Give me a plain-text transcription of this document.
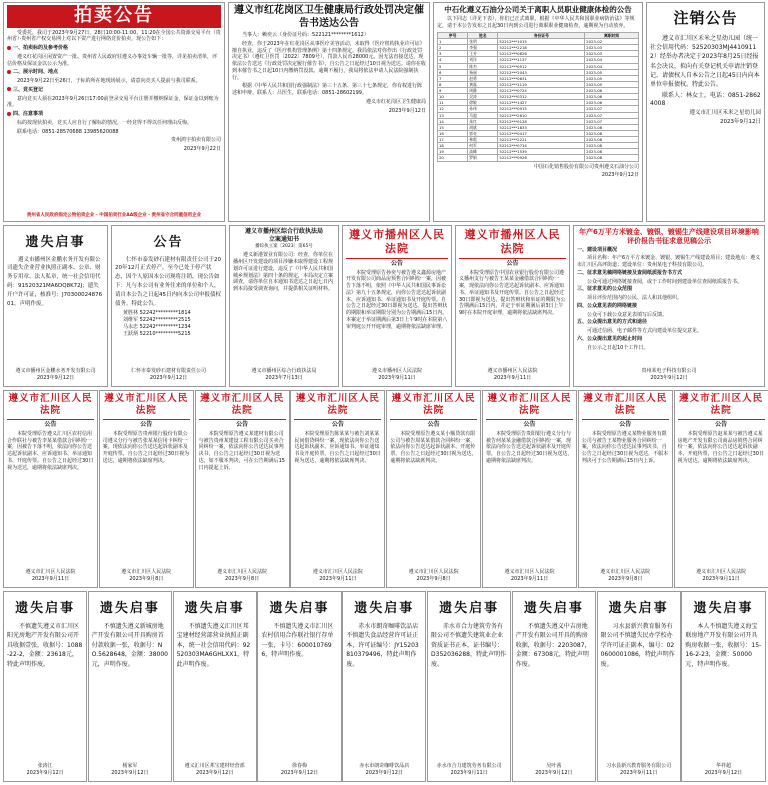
拍卖公告
受委托，我司于2023年9月27日、28日10:00-11:00、11:20在全国公共资源交易平台（贵州省）·贵州省产权交易网上对以下资产进行网络竞价拍卖，现公告如下：
一、拍卖标的及参考价格
遵义红花岗区闲置资产一批、贵州省人民政府驻遵义办事处车辆一批等，详见拍卖清单，评估价格及保证金以公示为准。
二、展示时间、地点
2023年9月22日至26日，于标的所在地现场展示，请意向竞买人提前与我司联系。
三、竞买登记
意向竞买人须在2023年9月26日17:00前登录交易平台注册并缴纳保证金，保证金以到账为准。
四、注意事项
标的按现状拍卖，竞买人应自行了解标的情况，一经竞得不得以任何理由反悔。
联系电话：0851-28570688 13985620088
贵州鸿宇拍卖有限公司
2023年9月22日
贵州省人民政府指定公物拍卖企业 · 中国拍卖行业AA级企业 · 贵州省守合同重信用企业
遵义市红花岗区卫生健康局行政处罚决定催告书送达公告
当事人：赖奕云（身份证号码：522121********1612）
经查，你于2023年在红花岗区从事医疗美容活动，未取得《医疗机构执业许可证》擅自执业，违反了《医疗机构管理条例》第十四条规定。我局依法对你作出《行政处罚决定书》（遵红卫医罚〔2022〕7809号），罚款人民币28000元。因无法直接送达，现依法公告送达《行政处罚决定履行催告书》，自公告之日起经过10日视为送达。请你在收到本催告书之日起10日内缴纳罚没款。逾期不履行，我局将依法申请人民法院强制执行。
根据《中华人民共和国行政强制法》第三十五条、第三十七条规定，你有权进行陈述和申辩。联系人：吕医生，联系电话：0851-28602199。
遵义市红花岗区卫生健康局
2023年9月12日
中石化遵义石油分公司关于离职人员职业健康体检的公告
以下同志（详见下表），你们已正式离职，根据《中华人民共和国职业病防治法》等规定，请于本公告发布之日起30日内到公司进行离职职业健康检查，逾期视为自动放弃。
序号	姓名	身份证号	离职时间
1	张明	52212***1015	2023-02
2	李强	52212***2218	2023-03
3	王芳	52212***0826	2023-03
4	刘洋	52212***1137	2023-04
5	陈杰	52212***0512	2023-04
6	杨丽	52212***2043	2023-05
7	赵勇	52212***0631	2023-05
8	黄磊	52212***1119	2023-05
9	周静	52212***0724	2023-06
10	吴涛	52212***0312	2023-06
11	徐敏	52212***1427	2023-06
12	孙伟	52212***0915	2023-07
13	马超	52212***2610	2023-07
14	朱红	52212***0128	2023-07
15	胡斌	52212***1833	2023-08
16	郭亮	52212***0417	2023-08
17	林霞	52212***2221	2023-08
18	何军	52212***0714	2023-08
19	高峰	52212***1539	2023-08
20	罗娟	52212***0926	2023-08
中国石化销售股份有限公司贵州遵义石油分公司
2023年9月12日
注销公告
遵义市汇川区禾米之星幼儿园（统一社会信用代码：52520303MJ44109112）经举办者决定于2023年8月25日经报名会决议，拟向有关登记机关申请注销登记。请债权人自本公告之日起45日内向本单位申报债权。特此公告。
联系人：林女士，电话：0851-28624008
遵义市汇川区禾米之星幼儿园
2023年9月12日
遗失启事
遵义市播州区金鹏水务开发有限公司遗失企业营业执照正副本、公章、财务专用章、法人私章，统一社会信用代码：91520321MA6DQ8K72J；遗失开户许可证，核准号：J7030002487601，声明作废。
遵义市播州区金鹏水务开发有限公司
2023年9月12日
公告
仁怀市泰发砂石建材有限责任公司于2020年12月正式停产，至今已处于停产状态，因个人原因本公司现将注销，现公告如下：凡与本公司有业务往来的单位和个人，请自本公告之日起45日内向本公司申报债权债务。特此公告。
黄胜林 52242*********1814
刘维军 52242*********2515
马永忠 52242*********1234
王跃炳 52210*********5215
仁怀市泰发砂石建材有限责任公司
2023年9月12日
遵义市播州区综合行政执法局
立案通知书
播综执立案〔2023〕第65号
遵义新港置业有限公司：经查，你单位在播州区开发建设的项目涉嫌未取得建设工程规划许可证进行建设，违反了《中华人民共和国城乡规划法》第四十条的规定，本局决定立案调查，请你单位自本通知书送达之日起七日内到本局接受调查询问，并提供相关证明材料。
遵义市播州区综合行政执法局
2023年7月13日
遵义市播州区人民法院
公告
本院受理原告孙奕与被告遵义鑫源房地产开发有限公司商品房预售合同纠纷一案，因被告下落不明，依照《中华人民共和国民事诉讼法》第九十五条规定，向你公告送达起诉状副本、应诉通知书、举证通知书及开庭传票。自公告之日起经过30日即视为送达。提出答辩状的期限和举证期限分别为公告期满后15日内。本案定于举证期满后第3日上午9时在本院第八审判庭公开开庭审理，逾期将依法缺席审理。
遵义市播州区人民法院
2023年9月11日
遵义市播州区人民法院
公告
本院受理原告中国农业银行股份有限公司遵义播州支行与被告王某某金融借款合同纠纷一案，现依法向你公告送达起诉状副本、应诉通知书、举证通知书及开庭传票。自公告之日起经过30日即视为送达，提出答辩状和举证的期限为公告期满后15日内，并定于举证期满后第3日上午9时在本院开庭审理，逾期将依法缺席判决。
遵义市播州区人民法院
2023年9月11日
年产6万平方米镀金、镀银、镀锡生产线建设项目环境影响评价报告书征求意见稿公示
一、建设项目概况
项目名称：年产6万平方米镀金、镀银、镀锡生产线建设项目；建设地点：遵义市汇川区高坪街道；建设单位：贵州某电子科技有限公司。
二、征求意见稿网络链接及查阅纸质报告书方式
公众可通过网络链接查阅，或于工作时间到建设单位查阅纸质报告书。
三、征求意见的公众范围
项目评价范围内的公民、法人和其他组织。
四、公众意见表的网络链接
公众可下载公众意见表填写后反馈。
五、公众提出意见的方式和途径
可通过信函、电子邮件等方式向建设单位提交意见。
六、公众提出意见的起止时间
自公示之日起10个工作日。
贵州某电子科技有限公司
2023年9月12日
遵义市汇川区人民法院
公告
本院受理原告遵义汇川区农村信用合作联社与被告李某某借款合同纠纷一案，因被告下落不明，依法向你公告送达起诉状副本、应诉通知书、举证通知书、开庭传票。自公告之日起经过30日视为送达，逾期将依法缺席判决。
遵义市汇川区人民法院
2023年9月11日
遵义市汇川区人民法院
公告
本院受理原告贵州银行股份有限公司遵义分行与被告张某某信用卡纠纷一案，现依法向你公告送达起诉状副本及开庭传票，自公告之日起经过30日视为送达，逾期将依法缺席判决。
遵义市汇川区人民法院
2023年9月8日
遵义市汇川区人民法院
公告
本院受理原告遵义某建材有限公司与被告贵州某建设工程有限公司买卖合同纠纷一案，依法向你公告送达民事判决书，自公告之日起经过30日视为送达，如不服本判决，可在公告期满后15日内提起上诉。
遵义市汇川区人民法院
2023年9月8日
遵义市汇川区人民法院
公告
本院受理原告陈某某与被告刘某某民间借贷纠纷一案，现依法向你公告送达起诉状副本、应诉通知书、举证通知书及开庭传票，自公告之日起经过30日视为送达，逾期将依法缺席判决。
遵义市汇川区人民法院
2023年9月11日
遵义市汇川区人民法院
公告
本院受理原告遵义某小额贷款有限公司与被告周某某借款合同纠纷一案，依法向你公告送达起诉状副本、开庭传票，自公告之日起经过30日视为送达，逾期将依法缺席判决。
遵义市汇川区人民法院
2023年9月8日
遵义市汇川区人民法院
公告
本院受理原告贵阳银行遵义分行与被告何某某金融借款合同纠纷一案，现依法向你公告送达起诉状副本及开庭传票，自公告之日起经过30日视为送达，逾期将依法缺席判决。
遵义市汇川区人民法院
2023年9月11日
遵义市汇川区人民法院
公告
本院受理原告遵义某物业服务有限公司与被告王某物业服务合同纠纷一案，依法向你公告送达民事判决书，自公告之日起经过30日视为送达，不服本判决可于公告期满后15日内上诉。
遵义市汇川区人民法院
2023年9月8日
遵义市汇川区人民法院
公告
本院受理原告赵某某与被告遵义某房地产开发有限公司商品房销售合同纠纷一案，依法向你公告送达起诉状副本、开庭传票，自公告之日起经过30日视为送达，逾期将依法缺席判决。
遵义市汇川区人民法院
2023年9月11日
遗失启事
不慎遗失遵义市汇川区阳光房地产开发有限公司开具收据壹张，收据号：1088-22-2，金额：23618元，特此声明作废。
张涛江
2023年9月12日
遗失启事
不慎遗失遵义新城房地产开发有限公司开具购房首付款收据一张，收据号：NO.5628648，金额：38000元，声明作废。
杨家军
2023年9月12日
遗失启事
不慎遗失遵义汇川区邦宝建材经营部营业执照正副本，统一社会信用代码：92520303MA6GHLXX1，特此声明作废。
遵义汇川区邦宝建材经营部
2023年9月12日
遗失启事
不慎遗失遵义市汇川区农村信用合作联社银行存单一张，卡号：6000107696，特声明作废。
徐春梅
2023年9月12日
遗失启事
赤水市朗奇咖啡饮品店不慎遗失食品经营许可证正本，许可证编号：JY15203810379496，特此声明作废。
赤水市朗奇咖啡饮品店
2023年9月12日
遗失启事
赤水市合力建筑劳务有限公司不慎遗失建筑业企业资质证书正本，证书编号：D352036288，特此声明作废。
赤水市合力建筑劳务有限公司
2023年9月11日
遗失启事
不慎遗失遵义中吉房地产开发有限公司开具的购房收据，收据号：2203087，金额：67308元，特此声明作废。
吴叶茜
2023年9月12日
遗失启事
习水县新兴教育服务有限公司不慎遗失民办学校办学许可证正副本，编号：020600001086，特此声明作废。
习水县新兴教育服务有限公司
2023年9月11日
遗失启事
本人不慎遗失遵义海宝联房地产开发有限公司开具购房收据一张，收据号：15-16-2-23，金额：50000元，特声明作废。
华祥超
2023年9月12日
